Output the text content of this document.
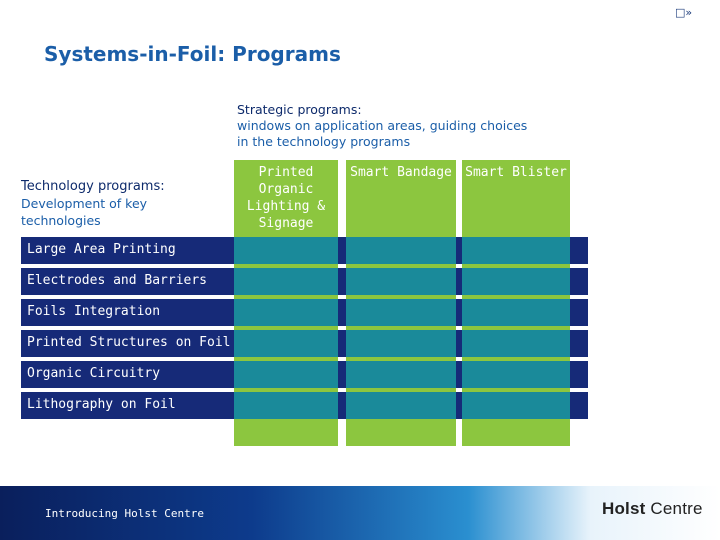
□»
Systems-in-Foil: Programs
Strategic programs:
windows on application areas, guiding choices in the technology programs
Technology programs:
Development of key technologies
Printed Organic Lighting & Signage
Smart Bandage	Smart Blister
Large Area Printing
Electrodes and Barriers
Foils Integration
Printed Structures on Foil
Organic Circuitry
Lithography on Foil
Introducing Holst Centre	Holst Centre
